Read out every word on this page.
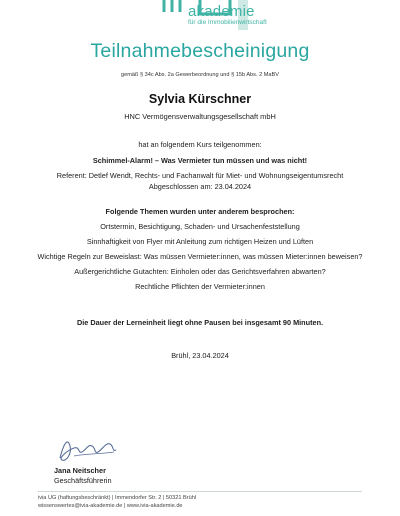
akademie
für die Immobilienwirtschaft
Teilnahmebescheinigung
gemäß § 34c Abs. 2a Gewerbeordnung und § 15b Abs. 2 MaBV
Sylvia Kürschner
HNC Vermögensverwaltungsgesellschaft mbH
hat an folgendem Kurs teilgenommen:
Schimmel-Alarm! – Was Vermieter tun müssen und was nicht!
Referent: Detlef Wendt, Rechts- und Fachanwalt für Miet- und Wohnungseigentumsrecht
Abgeschlossen am: 23.04.2024
Folgende Themen wurden unter anderem besprochen:
Ortstermin, Besichtigung, Schaden- und Ursachenfeststellung
Sinnhaftigkeit von Flyer mit Anleitung zum richtigen Heizen und Lüften
Wichtige Regeln zur Beweislast: Was müssen Vermieter:innen, was müssen Mieter:innen beweisen?
Außergerichtliche Gutachten: Einholen oder das Gerichtsverfahren abwarten?
Rechtliche Pflichten der Vermieter:innen
Die Dauer der Lerneinheit liegt ohne Pausen bei insgesamt 90 Minuten.
Brühl, 23.04.2024
Jana Neitscher
Geschäftsführerin
ivia UG (haftungsbeschränkt) | Immendorfer Str. 2 | 50321 Brühl
wissenswertes@ivia-akademie.de | www.ivia-akademie.de
